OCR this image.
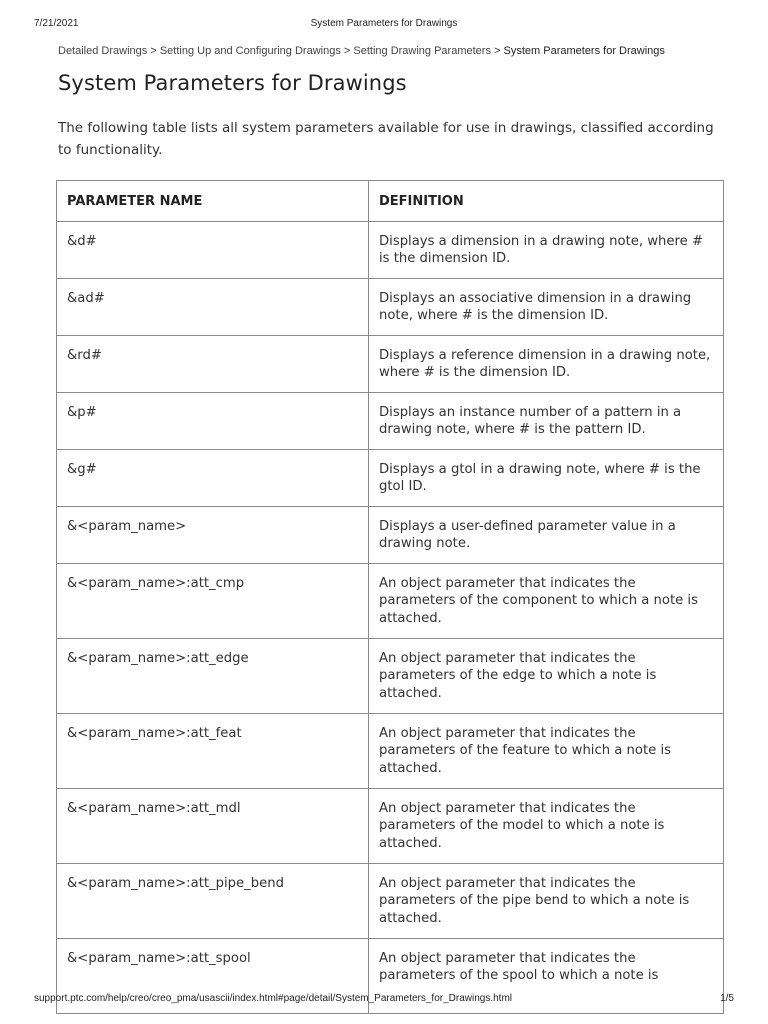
7/21/2021	System Parameters for Drawings
Detailed Drawings > Setting Up and Configuring Drawings > Setting Drawing Parameters > System Parameters for Drawings
System Parameters for Drawings

The following table lists all system parameters available for use in drawings, classified according to functionality.

PARAMETER NAME	DEFINITION
&d#	Displays a dimension in a drawing note, where # is the dimension ID.
&ad#	Displays an associative dimension in a drawing note, where # is the dimension ID.
&rd#	Displays a reference dimension in a drawing note, where # is the dimension ID.
&p#	Displays an instance number of a pattern in a drawing note, where # is the pattern ID.
&g#	Displays a gtol in a drawing note, where # is the gtol ID.
&<param_name>	Displays a user-defined parameter value in a drawing note.
&<param_name>:att_cmp	An object parameter that indicates the parameters of the component to which a note is attached.
&<param_name>:att_edge	An object parameter that indicates the parameters of the edge to which a note is attached.
&<param_name>:att_feat	An object parameter that indicates the parameters of the feature to which a note is attached.
&<param_name>:att_mdl	An object parameter that indicates the parameters of the model to which a note is attached.
&<param_name>:att_pipe_bend	An object parameter that indicates the parameters of the pipe bend to which a note is attached.
&<param_name>:att_spool	An object parameter that indicates the parameters of the spool to which a note is
support.ptc.com/help/creo/creo_pma/usascii/index.html#page/detail/System_Parameters_for_Drawings.html	1/5
